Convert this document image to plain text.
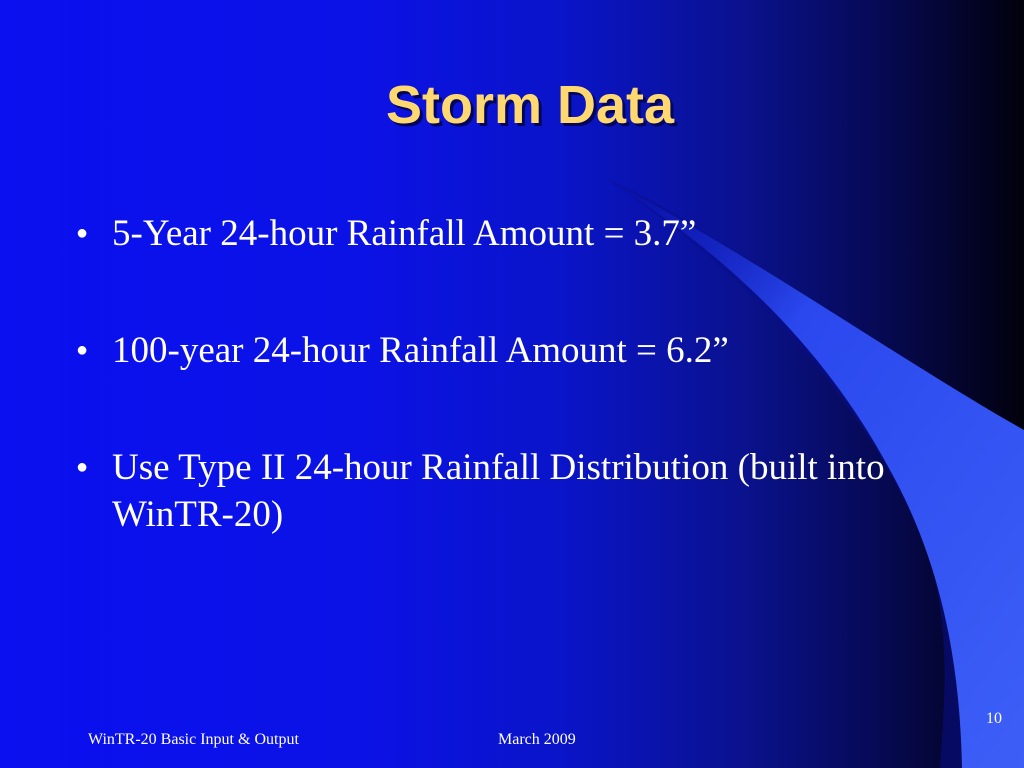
Storm Data
● 5-Year 24-hour Rainfall Amount = 3.7”
● 100-year 24-hour Rainfall Amount = 6.2”
● Use Type II 24-hour Rainfall Distribution (built into WinTR-20)
WinTR-20 Basic Input & Output	March 2009
10
